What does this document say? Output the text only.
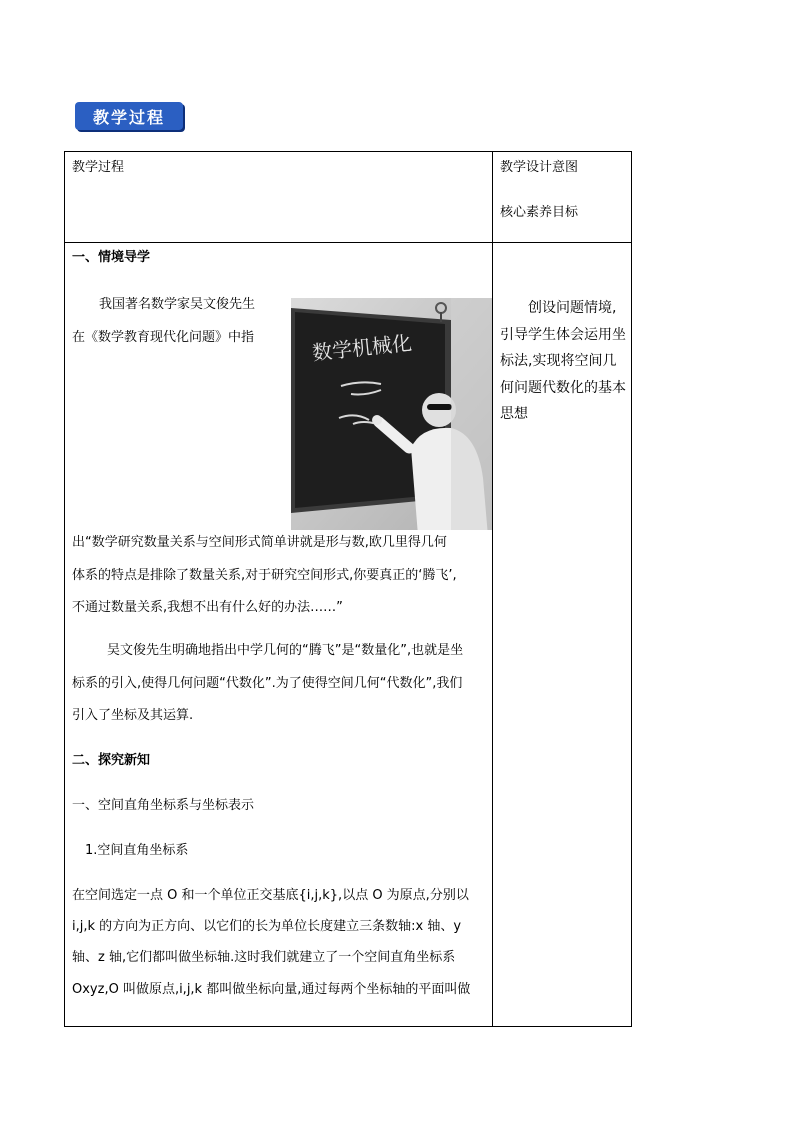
教学过程
教学过程	教学设计意图
核心素养目标
一、情境导学
我国著名数学家吴文俊先生
在《数学教育现代化问题》中指	数学机械化
出“数学研究数量关系与空间形式简单讲就是形与数,欧几里得几何
体系的特点是排除了数量关系,对于研究空间形式,你要真正的‘腾飞’,
不通过数量关系,我想不出有什么好的办法……”
吴文俊先生明确地指出中学几何的“腾飞”是“数量化”,也就是坐
标系的引入,使得几何问题“代数化”.为了使得空间几何“代数化”,我们
引入了坐标及其运算.
二、探究新知
一、空间直角坐标系与坐标表示
1.空间直角坐标系
在空间选定一点 O 和一个单位正交基底{i,j,k},以点 O 为原点,分别以
i,j,k 的方向为正方向、以它们的长为单位长度建立三条数轴:x 轴、y
轴、z 轴,它们都叫做坐标轴.这时我们就建立了一个空间直角坐标系
Oxyz,O 叫做原点,i,j,k 都叫做坐标向量,通过每两个坐标轴的平面叫做
创设问题情境,引导学生体会运用坐标法,实现将空间几何问题代数化的基本思想
